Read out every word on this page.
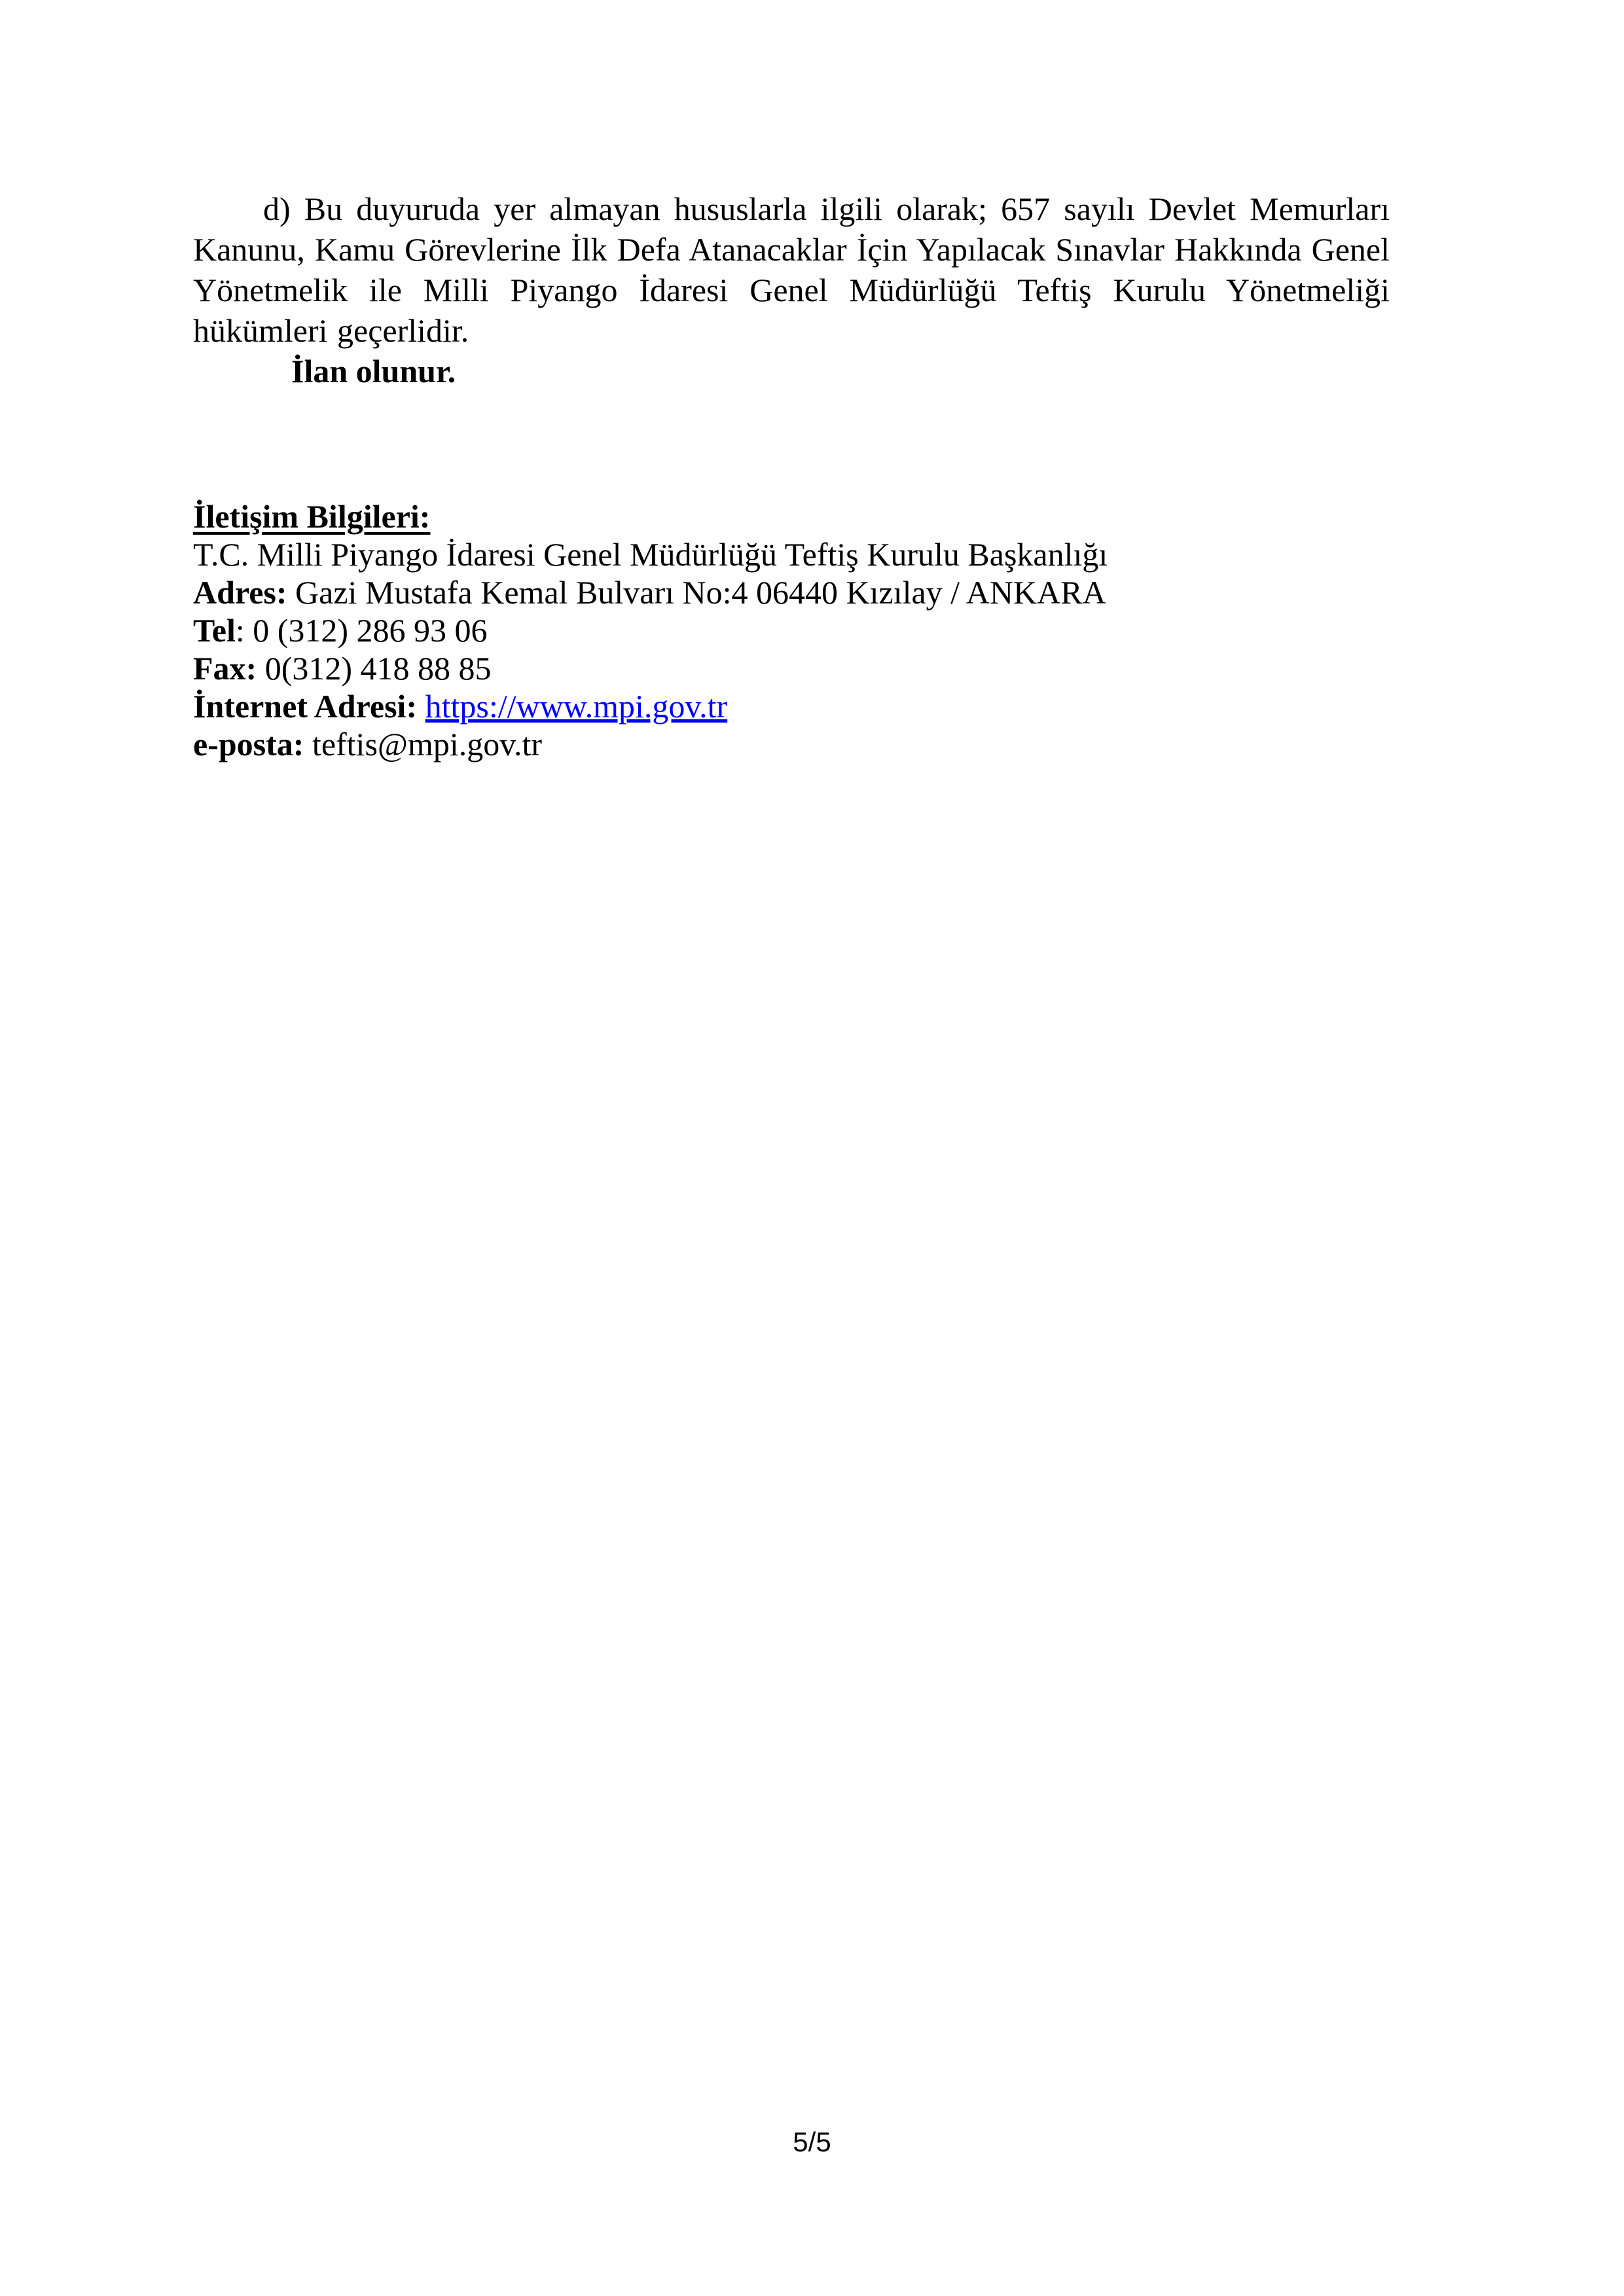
d) Bu duyuruda yer almayan hususlarla ilgili olarak; 657 sayılı Devlet Memurları Kanunu, Kamu Görevlerine İlk Defa Atanacaklar İçin Yapılacak Sınavlar Hakkında Genel Yönetmelik ile Milli Piyango İdaresi Genel Müdürlüğü Teftiş Kurulu Yönetmeliği hükümleri geçerlidir.

İlan olunur.

İletişim Bilgileri:

T.C. Milli Piyango İdaresi Genel Müdürlüğü Teftiş Kurulu Başkanlığı

Adres: Gazi Mustafa Kemal Bulvarı No:4 06440 Kızılay / ANKARA

Tel: 0 (312) 286 93 06

Fax: 0(312) 418 88 85

İnternet Adresi: https://www.mpi.gov.tr

e-posta: teftis@mpi.gov.tr

5/5
